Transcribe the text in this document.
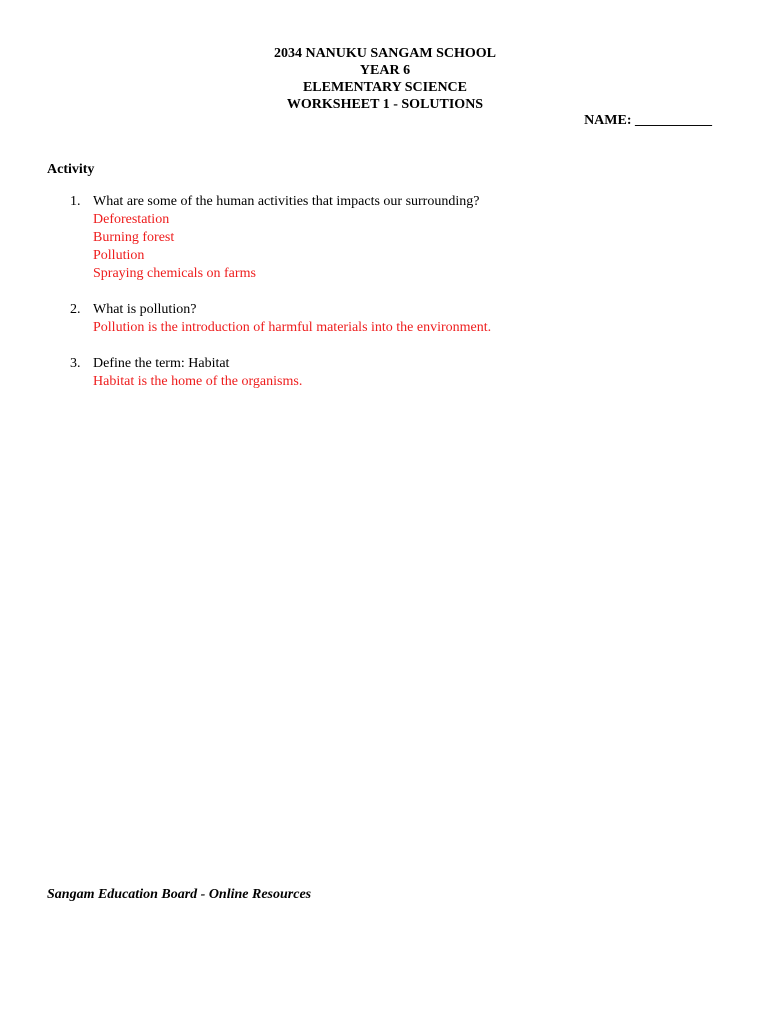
2034 NANUKU SANGAM SCHOOL
YEAR 6
ELEMENTARY SCIENCE
WORKSHEET 1 - SOLUTIONS
NAME: ___________
Activity
1. What are some of the human activities that impacts our surrounding?
Deforestation
Burning forest
Pollution
Spraying chemicals on farms
2. What is pollution?
Pollution is the introduction of harmful materials into the environment.
3. Define the term: Habitat
Habitat is the home of the organisms.
Sangam Education Board - Online Resources
